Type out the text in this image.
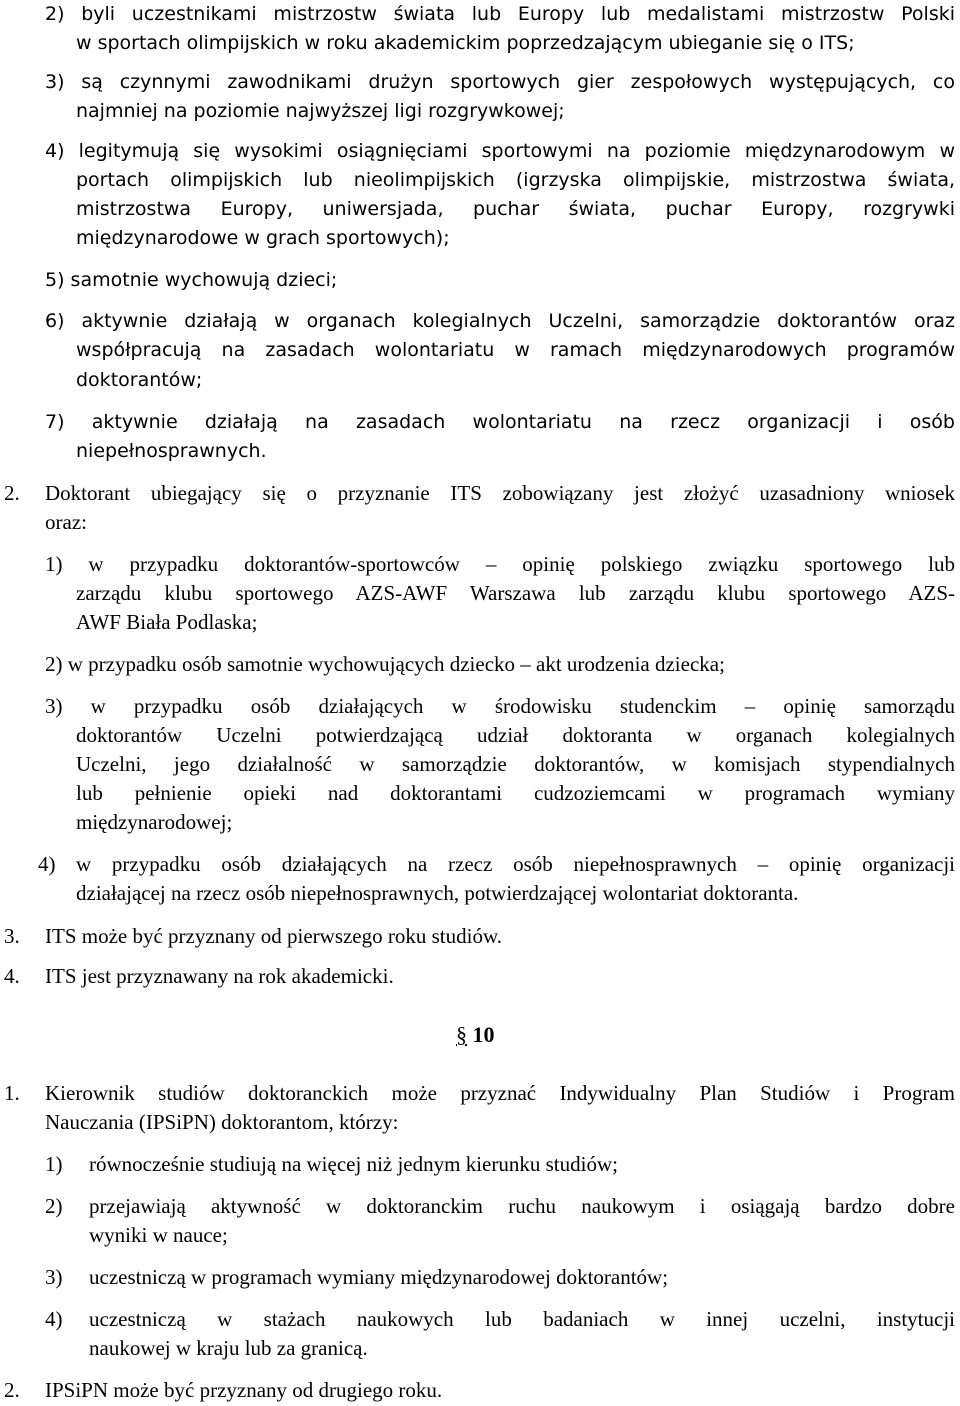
2) byli uczestnikami mistrzostw świata lub Europy lub medalistami mistrzostw Polski
w sportach olimpijskich w roku akademickim poprzedzającym ubieganie się o ITS;
3) są czynnymi zawodnikami drużyn sportowych gier zespołowych występujących, co
najmniej na poziomie najwyższej ligi rozgrywkowej;
4) legitymują się wysokimi osiągnięciami sportowymi na poziomie międzynarodowym w
portach olimpijskich lub nieolimpijskich (igrzyska olimpijskie, mistrzostwa świata,
mistrzostwa Europy, uniwersjada, puchar świata, puchar Europy, rozgrywki
międzynarodowe w grach sportowych);
5) samotnie wychowują dzieci;
6) aktywnie działają w organach kolegialnych Uczelni, samorządzie doktorantów oraz
współpracują na zasadach wolontariatu w ramach międzynarodowych programów
doktorantów;
7) aktywnie działają na zasadach wolontariatu na rzecz organizacji i osób
niepełnosprawnych.
2. Doktorant ubiegający się o przyznanie ITS zobowiązany jest złożyć uzasadniony wniosek
oraz:
1) w przypadku doktorantów-sportowców – opinię polskiego związku sportowego lub
zarządu klubu sportowego AZS-AWF Warszawa lub zarządu klubu sportowego AZS-
AWF Biała Podlaska;
2) w przypadku osób samotnie wychowujących dziecko – akt urodzenia dziecka;
3) w przypadku osób działających w środowisku studenckim – opinię samorządu
doktorantów Uczelni potwierdzającą udział doktoranta w organach kolegialnych
Uczelni, jego działalność w samorządzie doktorantów, w komisjach stypendialnych
lub pełnienie opieki nad doktorantami cudzoziemcami w programach wymiany
międzynarodowej;
4) w przypadku osób działających na rzecz osób niepełnosprawnych – opinię organizacji
działającej na rzecz osób niepełnosprawnych, potwierdzającej wolontariat doktoranta.
3. ITS może być przyznany od pierwszego roku studiów.
4. ITS jest przyznawany na rok akademicki.
§ 10
1. Kierownik studiów doktoranckich może przyznać Indywidualny Plan Studiów i Program
Nauczania (IPSiPN) doktorantom, którzy:
1) równocześnie studiują na więcej niż jednym kierunku studiów;
2) przejawiają aktywność w doktoranckim ruchu naukowym i osiągają bardzo dobre
wyniki w nauce;
3) uczestniczą w programach wymiany międzynarodowej doktorantów;
4) uczestniczą w stażach naukowych lub badaniach w innej uczelni, instytucji
naukowej w kraju lub za granicą.
2. IPSiPN może być przyznany od drugiego roku.
